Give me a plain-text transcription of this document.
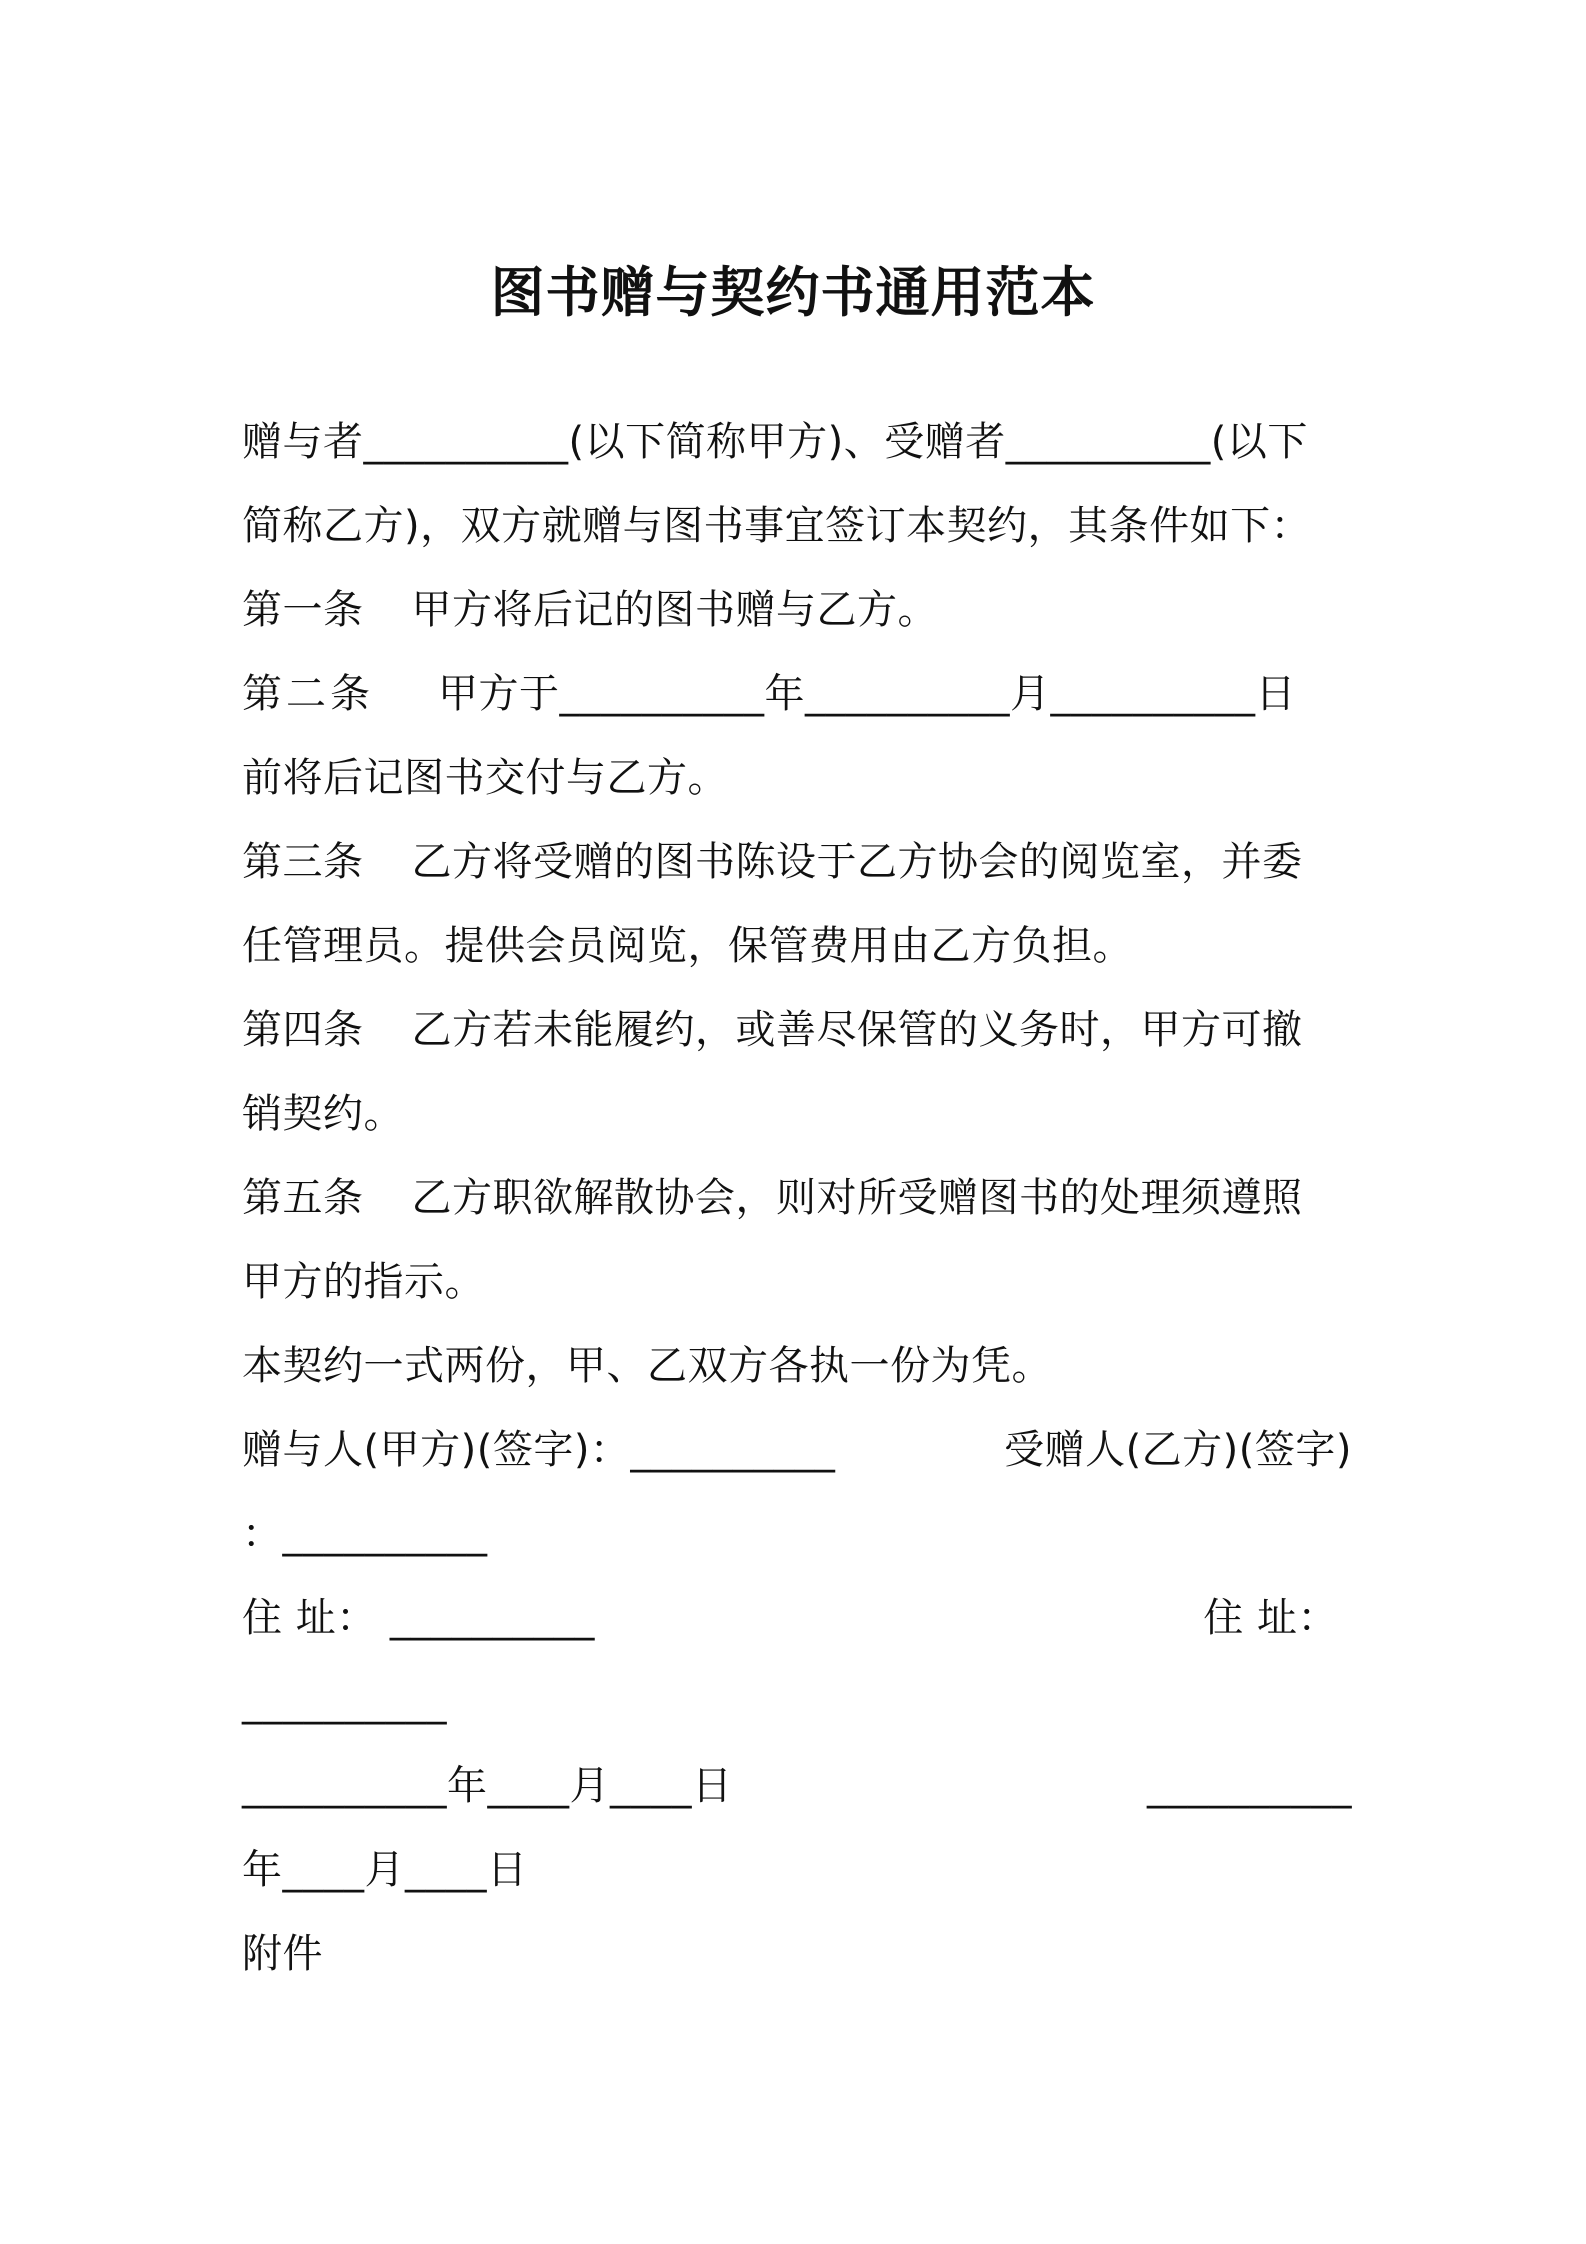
图书赠与契约书通用范本
赠与者__________(以下简称甲方)、受赠者__________(以下
简称乙方)，双方就赠与图书事宜签订本契约，其条件如下：
第一条 甲方将后记的图书赠与乙方。
第二条 甲方于__________年__________月__________日
前将后记图书交付与乙方。
第三条 乙方将受赠的图书陈设于乙方协会的阅览室，并委
任管理员。提供会员阅览，保管费用由乙方负担。
第四条 乙方若未能履约，或善尽保管的义务时，甲方可撤
销契约。
第五条 乙方职欲解散协会，则对所受赠图书的处理须遵照
甲方的指示。
本契约一式两份，甲、乙双方各执一份为凭。
赠与人(甲方)(签字)：__________	受赠人(乙方)(签字)
：__________
住 址： __________	住 址：
__________
__________年____月____日	__________
年____月____日
附件
